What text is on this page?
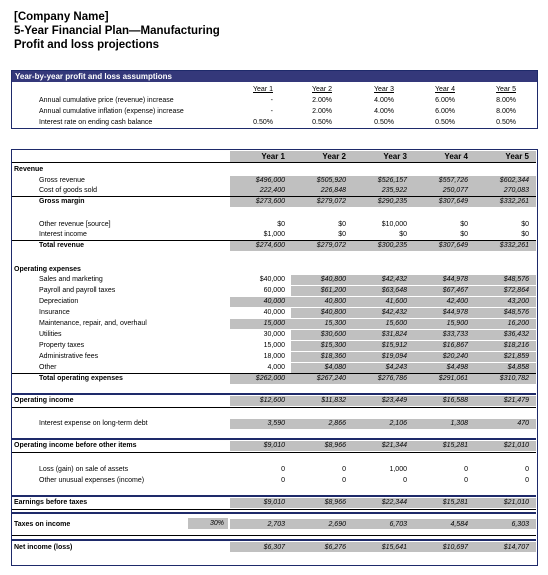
[Company Name]
5-Year Financial Plan—Manufacturing
Profit and loss projections
Year-by-year profit and loss assumptions
Year 1	Year 2	Year 3	Year 4	Year 5
Annual cumulative price (revenue) increase	-	2.00%	4.00%	6.00%	8.00%
Annual cumulative inflation (expense) increase	-	2.00%	4.00%	6.00%	8.00%
Interest rate on ending cash balance	0.50%	0.50%	0.50%	0.50%	0.50%
Year 1	Year 2	Year 3	Year 4	Year 5
Revenue
Gross revenue	$496,000	$505,920	$526,157	$557,726	$602,344
Cost of goods sold	222,400	226,848	235,922	250,077	270,083
Gross margin	$273,600	$279,072	$290,235	$307,649	$332,261
Other revenue [source]	$0	$0	$10,000	$0	$0
Interest income	$1,000	$0	$0	$0	$0
Total revenue	$274,600	$279,072	$300,235	$307,649	$332,261
Operating expenses
Sales and marketing	$40,000	$40,800	$42,432	$44,978	$48,576
Payroll and payroll taxes	60,000	$61,200	$63,648	$67,467	$72,864
Depreciation	40,000	40,800	41,600	42,400	43,200
Insurance	40,000	$40,800	$42,432	$44,978	$48,576
Maintenance, repair, and, overhaul	15,000	15,300	15,600	15,900	16,200
Utilities	30,000	$30,600	$31,824	$33,733	$36,432
Property taxes	15,000	$15,300	$15,912	$16,867	$18,216
Administrative fees	18,000	$18,360	$19,094	$20,240	$21,859
Other	4,000	$4,080	$4,243	$4,498	$4,858
Total operating expenses	$262,000	$267,240	$276,786	$291,061	$310,782
Operating income	$12,600	$11,832	$23,449	$16,588	$21,479
Interest expense on long-term debt	3,590	2,866	2,106	1,308	470
Operating income before other items	$9,010	$8,966	$21,344	$15,281	$21,010
Loss (gain) on sale of assets	0	0	1,000	0	0
Other unusual expenses (income)	0	0	0	0	0
Earnings before taxes	$9,010	$8,966	$22,344	$15,281	$21,010
30%
Taxes on income	2,703	2,690	6,703	4,584	6,303
Net income (loss)	$6,307	$6,276	$15,641	$10,697	$14,707
